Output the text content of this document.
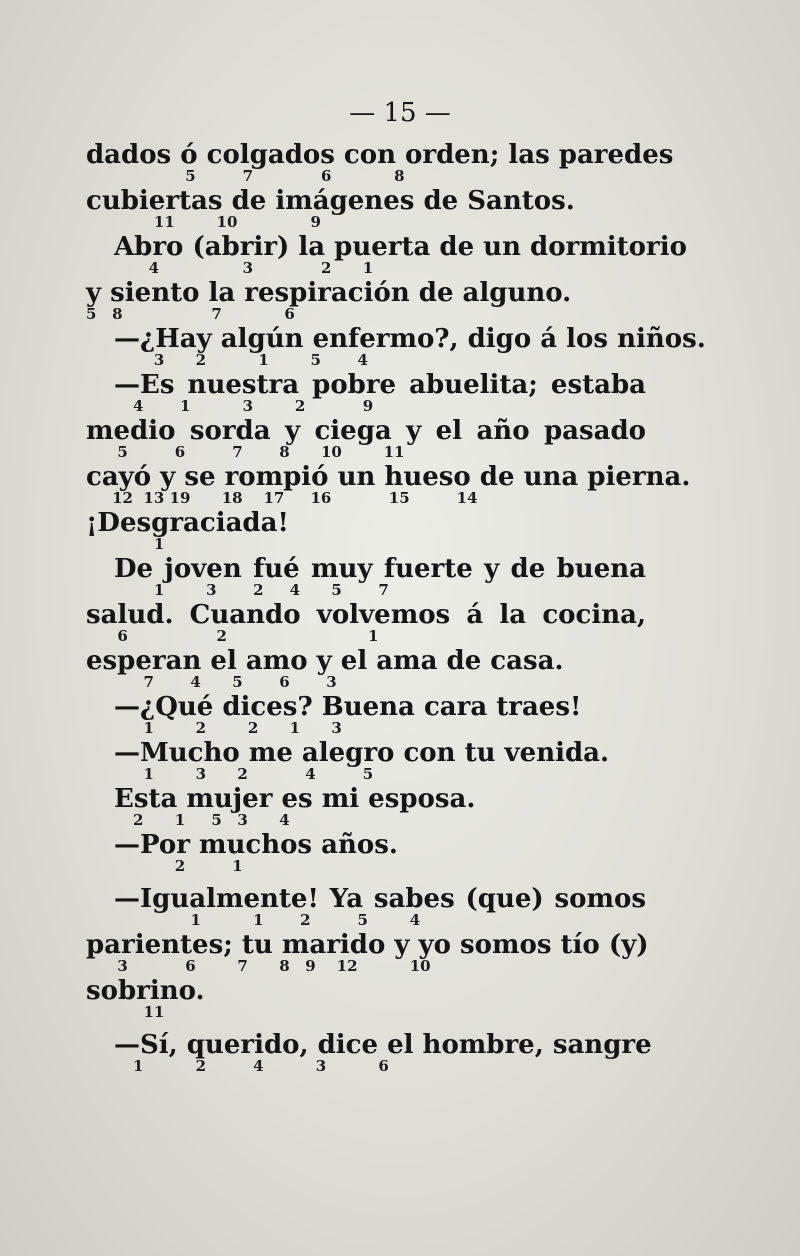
— 15 —
dados ó colgados con orden; las paredes
5         7             6            8
cubiertas de imágenes de Santos.
11        10              9
Abro (abrir) la puerta de un dormitorio
4                3             2      1
y siento la respiración de alguno.
5   8                 7            6
—¿Hay algún enfermo?, digo á los niños.
3      2          1        5       4
—Es nuestra pobre abuelita; estaba
4       1          3        2           9
medio sorda y ciega y el año pasado
5         6         7       8      10        11
cayó y se rompió un hueso de una pierna.
12  13 19      18    17     16           15         14
¡Desgraciada!
1
De joven fué muy fuerte y de buena
1        3       2     4      5       7
salud. Cuando volvemos á la cocina,
6                 2                           1
esperan el amo y el ama de casa.
7       4      5       6       3
—¿Qué dices? Buena cara traes!
1        2        2      1      3
—Mucho me alegro con tu venida.
1        3      2           4         5
Esta mujer es mi esposa.
2      1     5   3      4
—Por muchos años.
2         1
—Igualmente! Ya sabes (que) somos
1          1       2         5        4
parientes; tu marido y yo somos tío (y)
3           6        7      8   9    12          10
sobrino.
11
—Sí, querido, dice el hombre, sangre
1          2         4          3          6
